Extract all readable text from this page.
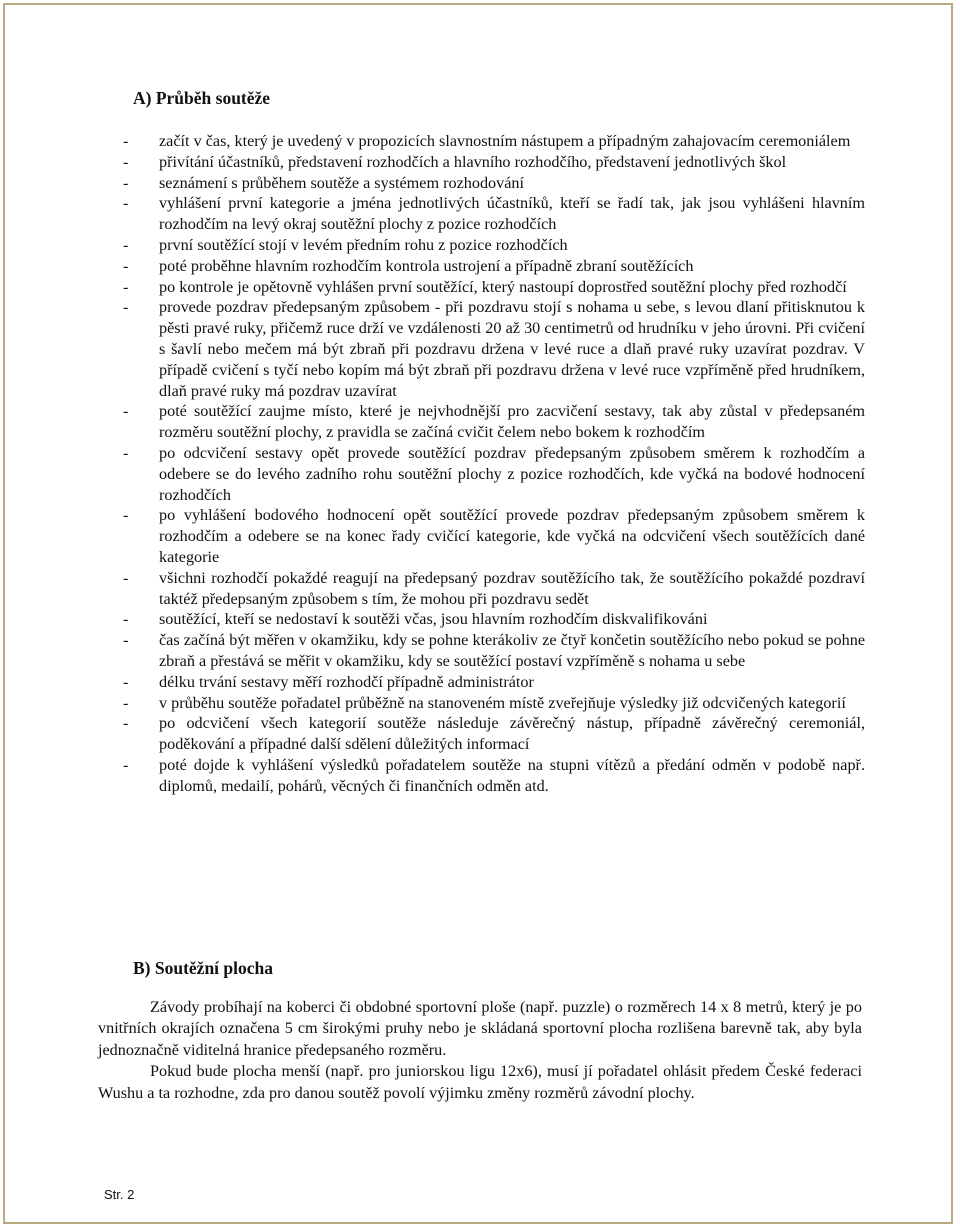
A) Průběh soutěže
- začít v čas, který je uvedený v propozicích slavnostním nástupem a případným zahajovacím ceremoniálem
- přivítání účastníků, představení rozhodčích a hlavního rozhodčího, představení jednotlivých škol
- seznámení s průběhem soutěže a systémem rozhodování
- vyhlášení první kategorie a jména jednotlivých účastníků, kteří se řadí tak, jak jsou vyhlášeni hlavním rozhodčím na levý okraj soutěžní plochy z pozice rozhodčích
- první soutěžící stojí v levém předním rohu z pozice rozhodčích
- poté proběhne hlavním rozhodčím kontrola ustrojení a případně zbraní soutěžících
- po kontrole je opětovně vyhlášen první soutěžící, který nastoupí doprostřed soutěžní plochy před rozhodčí
- provede pozdrav předepsaným způsobem - při pozdravu stojí s nohama u sebe, s levou dlaní přitisknutou k pěsti pravé ruky, přičemž ruce drží ve vzdálenosti 20 až 30 centimetrů od hrudníku v jeho úrovni. Při cvičení s šavlí nebo mečem má být zbraň při pozdravu držena v levé ruce a dlaň pravé ruky uzavírat pozdrav. V případě cvičení s tyčí nebo kopím má být zbraň při pozdravu držena v levé ruce vzpříměně před hrudníkem, dlaň pravé ruky má pozdrav uzavírat
- poté soutěžící zaujme místo, které je nejvhodnější pro zacvičení sestavy, tak aby zůstal v předepsaném rozměru soutěžní plochy, z pravidla se začíná cvičit čelem nebo bokem k rozhodčím
- po odcvičení sestavy opět provede soutěžící pozdrav předepsaným způsobem směrem k rozhodčím a odebere se do levého zadního rohu soutěžní plochy z pozice rozhodčích, kde vyčká na bodové hodnocení rozhodčích
- po vyhlášení bodového hodnocení opět soutěžící provede pozdrav předepsaným způsobem směrem k rozhodčím a odebere se na konec řady cvičící kategorie, kde vyčká na odcvičení všech soutěžících dané kategorie
- všichni rozhodčí pokaždé reagují na předepsaný pozdrav soutěžícího tak, že soutěžícího pokaždé pozdraví taktéž předepsaným způsobem s tím, že mohou při pozdravu sedět
- soutěžící, kteří se nedostaví k soutěži včas, jsou hlavním rozhodčím diskvalifikováni
- čas začíná být měřen v okamžiku, kdy se pohne kterákoliv ze čtyř končetin soutěžícího nebo pokud se pohne zbraň a přestává se měřit v okamžiku, kdy se soutěžící postaví vzpříměně s nohama u sebe
- délku trvání sestavy měří rozhodčí případně administrátor
- v průběhu soutěže pořadatel průběžně na stanoveném místě zveřejňuje výsledky již odcvičených kategorií
- po odcvičení všech kategorií soutěže následuje závěrečný nástup, případně závěrečný ceremoniál, poděkování a případné další sdělení důležitých informací
- poté dojde k vyhlášení výsledků pořadatelem soutěže na stupni vítězů a předání odměn v podobě např. diplomů, medailí, pohárů, věcných či finančních odměn atd.
B) Soutěžní plocha

Závody probíhají na koberci či obdobné sportovní ploše (např. puzzle) o rozměrech 14 x 8 metrů, který je po vnitřních okrajích označena 5 cm širokými pruhy nebo je skládaná sportovní plocha rozlišena barevně tak, aby byla jednoznačně viditelná hranice předepsaného rozměru.

Pokud bude plocha menší (např. pro juniorskou ligu 12x6), musí jí pořadatel ohlásit předem České federaci Wushu a ta rozhodne, zda pro danou soutěž povolí výjimku změny rozměrů závodní plochy.

Str. 2
